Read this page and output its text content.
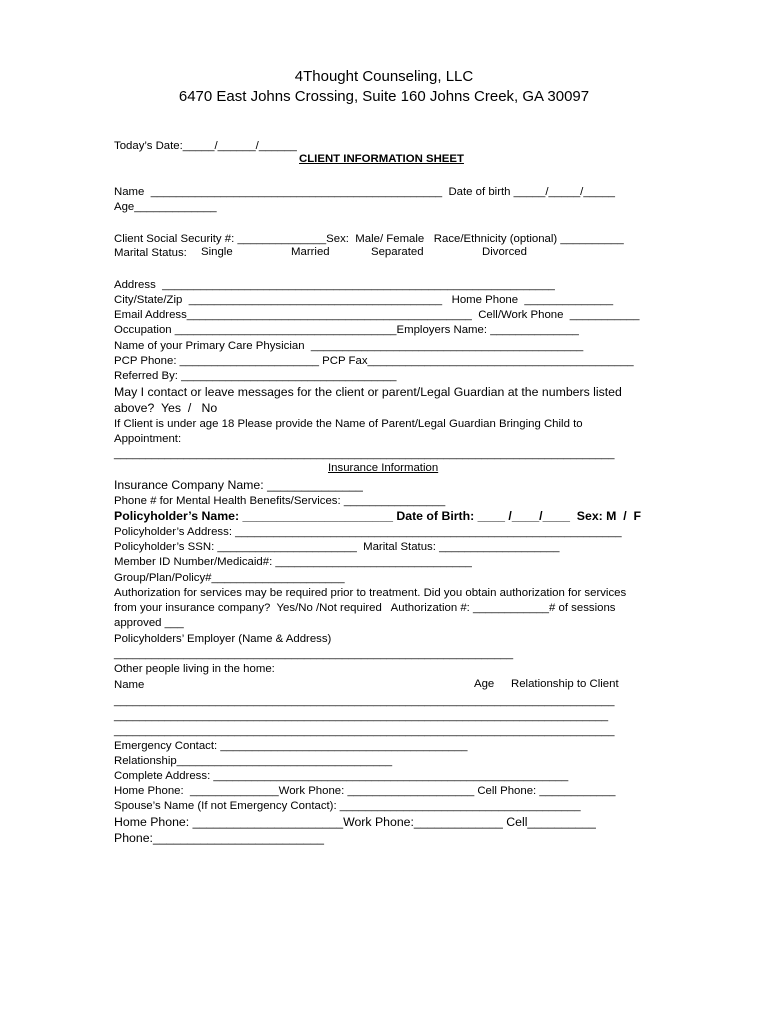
4Thought Counseling, LLC
6470 East Johns Crossing, Suite 160 Johns Creek, GA 30097
Today’s Date:_____/______/______
CLIENT INFORMATION SHEET
Name  ______________________________________________  Date of birth _____/_____/_____
Age_____________
Client Social Security #: ______________Sex:  Male/ Female   Race/Ethnicity (optional) __________
Marital Status: Single	Married	Separated	Divorced
Address  ______________________________________________________________
City/State/Zip  ________________________________________   Home Phone  ______________
Email Address_____________________________________________  Cell/Work Phone  ___________
Occupation ___________________________________Employers Name: ______________
Name of your Primary Care Physician  ___________________________________________
PCP Phone: ______________________ PCP Fax__________________________________________
Referred By: __________________________________
May I contact or leave messages for the client or parent/Legal Guardian at the numbers listed
above?  Yes  /   No
If Client is under age 18 Please provide the Name of Parent/Legal Guardian Bringing Child to
Appointment:
_______________________________________________________________________________
Insurance Information
Insurance Company Name: ______________
Phone # for Mental Health Benefits/Services: ________________
Policyholder’s Name: ______________________ Date of Birth: ____ /____/____  Sex: M  /  F
Policyholder’s Address: _____________________________________________________________
Policyholder’s SSN: ______________________  Marital Status: ___________________
Member ID Number/Medicaid#: _______________________________
Group/Plan/Policy#_____________________
Authorization for services may be required prior to treatment. Did you obtain authorization for services
from your insurance company?  Yes/No /Not required   Authorization #: ____________# of sessions
approved ___
Policyholders’ Employer (Name & Address)
_______________________________________________________________
Other people living in the home:
Name	Age Relationship to Client
_______________________________________________________________________________
______________________________________________________________________________
_______________________________________________________________________________
Emergency Contact: _______________________________________
Relationship__________________________________
Complete Address: ________________________________________________________
Home Phone:  ______________Work Phone: ____________________ Cell Phone: ____________
Spouse’s Name (If not Emergency Contact): ______________________________________
Home Phone: ______________________Work Phone:_____________ Cell__________
Phone:_________________________
